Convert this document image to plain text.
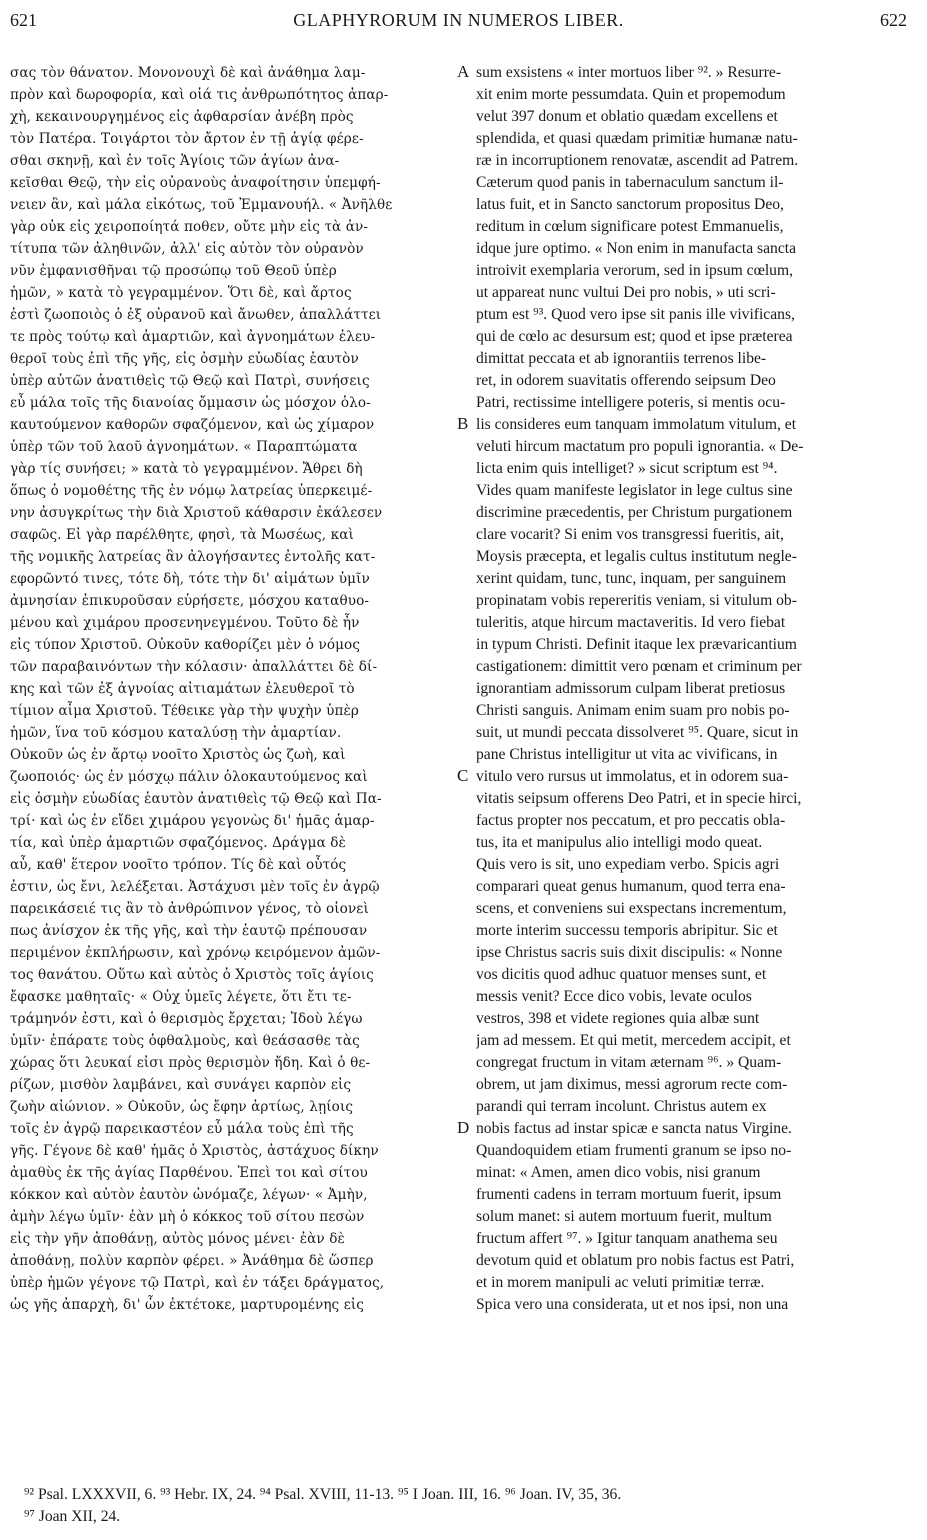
621	GLAPHYRORUM IN NUMEROS LIBER.	622
σας τὸν θάνατον. Μονονουχὶ δὲ καὶ ἀνάθημα λαμ-
πρὸν καὶ δωροφορία, καὶ οἱά τις ἀνθρωπότητος ἀπαρ-
χὴ, κεκαινουργημένος εἰς ἀφθαρσίαν ἀνέβη πρὸς
τὸν Πατέρα. Τοιγάρτοι τὸν ἄρτον ἐν τῇ ἁγίᾳ φέρε-
σθαι σκηνῇ, καὶ ἐν τοῖς Ἁγίοις τῶν ἁγίων ἀνα-
κεῖσθαι Θεῷ, τὴν εἰς οὐρανοὺς ἀναφοίτησιν ὑπεμφή-
νειεν ἂν, καὶ μάλα εἰκότως, τοῦ Ἐμμανουήλ. « Ἀνῆλθε
γὰρ οὐκ εἰς χειροποίητά ποθεν, οὔτε μὴν εἰς τὰ ἀν-
τίτυπα τῶν ἀληθινῶν, ἀλλ' εἰς αὐτὸν τὸν οὐρανὸν
νῦν ἐμφανισθῆναι τῷ προσώπῳ τοῦ Θεοῦ ὑπὲρ
ἡμῶν, » κατὰ τὸ γεγραμμένον. Ὅτι δὲ, καὶ ἄρτος
ἐστὶ ζωοποιὸς ὁ ἐξ οὐρανοῦ καὶ ἄνωθεν, ἀπαλλάττει
τε πρὸς τούτῳ καὶ ἁμαρτιῶν, καὶ ἀγνοημάτων ἐλευ-
θεροῖ τοὺς ἐπὶ τῆς γῆς, εἰς ὀσμὴν εὐωδίας ἑαυτὸν
ὑπὲρ αὐτῶν ἀνατιθεὶς τῷ Θεῷ καὶ Πατρὶ, συνήσεις
εὖ μάλα τοῖς τῆς διανοίας ὄμμασιν ὡς μόσχον ὁλο-
καυτούμενον καθορῶν σφαζόμενον, καὶ ὡς χίμαρον
ὑπὲρ τῶν τοῦ λαοῦ ἀγνοημάτων. « Παραπτώματα
γὰρ τίς συνήσει; » κατὰ τὸ γεγραμμένον. Ἄθρει δὴ
ὅπως ὁ νομοθέτης τῆς ἐν νόμῳ λατρείας ὑπερκειμέ-
νην ἀσυγκρίτως τὴν διὰ Χριστοῦ κάθαρσιν ἐκάλεσεν
σαφῶς. Εἰ γὰρ παρέλθητε, φησὶ, τὰ Μωσέως, καὶ
τῆς νομικῆς λατρείας ἂν ἀλογήσαντες ἐντολῆς κατ-
εφορῶντό τινες, τότε δὴ, τότε τὴν δι' αἱμάτων ὑμῖν
ἀμνησίαν ἐπικυροῦσαν εὑρήσετε, μόσχου καταθυο-
μένου καὶ χιμάρου προσενηνεγμένου. Τοῦτο δὲ ἦν
εἰς τύπον Χριστοῦ. Οὐκοῦν καθορίζει μὲν ὁ νόμος
τῶν παραβαινόντων τὴν κόλασιν· ἀπαλλάττει δὲ δί-
κης καὶ τῶν ἐξ ἀγνοίας αἰτιαμάτων ἐλευθεροῖ τὸ
τίμιον αἷμα Χριστοῦ. Τέθεικε γὰρ τὴν ψυχὴν ὑπὲρ
ἡμῶν, ἵνα τοῦ κόσμου καταλύσῃ τὴν ἁμαρτίαν.
Οὐκοῦν ὡς ἐν ἄρτῳ νοοῖτο Χριστὸς ὡς ζωὴ, καὶ
ζωοποιός· ὡς ἐν μόσχῳ πάλιν ὁλοκαυτούμενος καὶ
εἰς ὀσμὴν εὐωδίας ἑαυτὸν ἀνατιθεὶς τῷ Θεῷ καὶ Πα-
τρί· καὶ ὡς ἐν εἴδει χιμάρου γεγονὼς δι' ἡμᾶς ἁμαρ-
τία, καὶ ὑπὲρ ἁμαρτιῶν σφαζόμενος. Δράγμα δὲ
αὖ, καθ' ἕτερον νοοῖτο τρόπον. Τίς δὲ καὶ οὗτός
ἐστιν, ὡς ἔνι, λελέξεται. Ἀστάχυσι μὲν τοῖς ἐν ἀγρῷ
παρεικάσειέ τις ἂν τὸ ἀνθρώπινον γένος, τὸ οἱονεὶ
πως ἀνίσχον ἐκ τῆς γῆς, καὶ τὴν ἑαυτῷ πρέπουσαν
περιμένον ἐκπλήρωσιν, καὶ χρόνῳ κειρόμενον ἀμῶν-
τος θανάτου. Οὕτω καὶ αὐτὸς ὁ Χριστὸς τοῖς ἁγίοις
ἔφασκε μαθηταῖς· « Οὐχ ὑμεῖς λέγετε, ὅτι ἔτι τε-
τράμηνόν ἐστι, καὶ ὁ θερισμὸς ἔρχεται; Ἰδοὺ λέγω
ὑμῖν· ἐπάρατε τοὺς ὀφθαλμοὺς, καὶ θεάσασθε τὰς
χώρας ὅτι λευκαί εἰσι πρὸς θερισμὸν ἤδη. Καὶ ὁ θε-
ρίζων, μισθὸν λαμβάνει, καὶ συνάγει καρπὸν εἰς
ζωὴν αἰώνιον. » Οὐκοῦν, ὡς ἔφην ἀρτίως, λῃίοις
τοῖς ἐν ἀγρῷ παρεικαστέον εὖ μάλα τοὺς ἐπὶ τῆς
γῆς. Γέγονε δὲ καθ' ἡμᾶς ὁ Χριστὸς, ἀστάχυος δίκην
ἀμαθὺς ἐκ τῆς ἁγίας Παρθένου. Ἐπεὶ τοι καὶ σίτου
κόκκον καὶ αὐτὸν ἑαυτὸν ὠνόμαζε, λέγων· « Ἀμὴν,
ἀμὴν λέγω ὑμῖν· ἐὰν μὴ ὁ κόκκος τοῦ σίτου πεσὼν
εἰς τὴν γῆν ἀποθάνῃ, αὐτὸς μόνος μένει· ἐὰν δὲ
ἀποθάνῃ, πολὺν καρπὸν φέρει. » Ἀνάθημα δὲ ὥσπερ
ὑπὲρ ἡμῶν γέγονε τῷ Πατρὶ, καὶ ἐν τάξει δράγματος,
ὡς γῆς ἀπαρχὴ, δι' ὧν ἐκτέτοκε, μαρτυρομένης εἰς
A
B
C
D
sum exsistens « inter mortuos liber ⁹². » Resurre-
xit enim morte pessumdata. Quin et propemodum
velut 397 donum et oblatio quædam excellens et
splendida, et quasi quædam primitiæ humanæ natu-
ræ in incorruptionem renovatæ, ascendit ad Patrem.
Cæterum quod panis in tabernaculum sanctum il-
latus fuit, et in Sancto sanctorum propositus Deo,
reditum in cœlum significare potest Emmanuelis,
idque jure optimo. « Non enim in manufacta sancta
introivit exemplaria verorum, sed in ipsum cœlum,
ut appareat nunc vultui Dei pro nobis, » uti scri-
ptum est ⁹³. Quod vero ipse sit panis ille vivificans,
qui de cœlo ac desursum est; quod et ipse præterea
dimittat peccata et ab ignorantiis terrenos libe-
ret, in odorem suavitatis offerendo seipsum Deo
Patri, rectissime intelligere poteris, si mentis ocu-
lis consideres eum tanquam immolatum vitulum, et
veluti hircum mactatum pro populi ignorantia. « De-
licta enim quis intelliget? » sicut scriptum est ⁹⁴.
Vides quam manifeste legislator in lege cultus sine
discrimine præcedentis, per Christum purgationem
clare vocarit? Si enim vos transgressi fueritis, ait,
Moysis præcepta, et legalis cultus institutum negle-
xerint quidam, tunc, tunc, inquam, per sanguinem
propinatam vobis repereritis veniam, si vitulum ob-
tuleritis, atque hircum mactaveritis. Id vero fiebat
in typum Christi. Definit itaque lex prævaricantium
castigationem: dimittit vero pœnam et criminum per
ignorantiam admissorum culpam liberat pretiosus
Christi sanguis. Animam enim suam pro nobis po-
suit, ut mundi peccata dissolveret ⁹⁵. Quare, sicut in
pane Christus intelligitur ut vita ac vivificans, in
vitulo vero rursus ut immolatus, et in odorem sua-
vitatis seipsum offerens Deo Patri, et in specie hirci,
factus propter nos peccatum, et pro peccatis obla-
tus, ita et manipulus alio intelligi modo queat.
Quis vero is sit, uno expediam verbo. Spicis agri
comparari queat genus humanum, quod terra ena-
scens, et conveniens sui exspectans incrementum,
morte interim successu temporis abripitur. Sic et
ipse Christus sacris suis dixit discipulis: « Nonne
vos dicitis quod adhuc quatuor menses sunt, et
messis venit? Ecce dico vobis, levate oculos
vestros, 398 et videte regiones quia albæ sunt
jam ad messem. Et qui metit, mercedem accipit, et
congregat fructum in vitam æternam ⁹⁶. » Quam-
obrem, ut jam diximus, messi agrorum recte com-
parandi qui terram incolunt. Christus autem ex
nobis factus ad instar spicæ e sancta natus Virgine.
Quandoquidem etiam frumenti granum se ipso no-
minat: « Amen, amen dico vobis, nisi granum
frumenti cadens in terram mortuum fuerit, ipsum
solum manet: si autem mortuum fuerit, multum
fructum affert ⁹⁷. » Igitur tanquam anathema seu
devotum quid et oblatum pro nobis factus est Patri,
et in morem manipuli ac veluti primitiæ terræ.
Spica vero una considerata, ut et nos ipsi, non una
⁹² Psal. LXXXVII, 6. ⁹³ Hebr. IX, 24. ⁹⁴ Psal. XVIII, 11-13. ⁹⁵ I Joan. III, 16. ⁹⁶ Joan. IV, 35, 36.
⁹⁷ Joan XII, 24.
